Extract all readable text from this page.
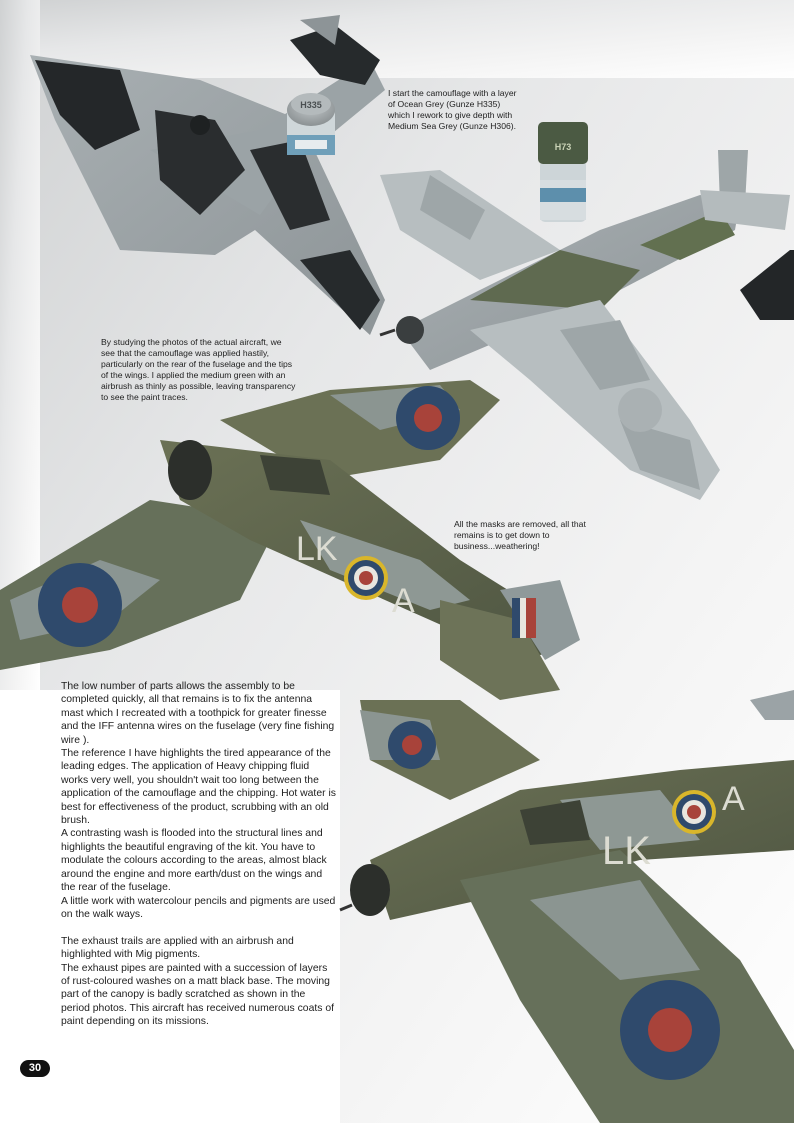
H335
H73
LK
A
LK
A

I start the camouflage with a layer of Ocean Grey (Gunze H335) which I rework to give depth with Medium Sea Grey (Gunze H306).

By studying the photos of the actual aircraft, we see that the camouflage was applied hastily, particularly on the rear of the fuselage and the tips of the wings. I applied the medium green with an airbrush as thinly as possible, leaving transparency to see the paint traces.

All the masks are removed, all that remains is to get down to business...weathering!

The low number of parts allows the assembly to be completed quickly, all that remains is to fix the antenna mast which I recreated with a toothpick for greater finesse and the IFF antenna wires on the fuselage (very fine fishing wire ).

The reference I have highlights the tired appearance of the leading edges. The application of Heavy chipping fluid works very well, you shouldn't wait too long between the application of the camouflage and the chipping. Hot water is best for effectiveness of the product, scrubbing with an old brush.

A contrasting wash is flooded into the structural lines and highlights the beautiful engraving of the kit. You have to modulate the colours according to the areas, almost black around the engine and more earth/dust on the wings and the rear of the fuselage.

A little work with watercolour pencils and pigments are used on the walk ways.

The exhaust trails are applied with an airbrush and highlighted with Mig pigments.

The exhaust pipes are painted with a succession of layers of rust-coloured washes on a matt black base. The moving part of the canopy is badly scratched as shown in the period photos. This aircraft has received numerous coats of paint depending on its missions.

30
